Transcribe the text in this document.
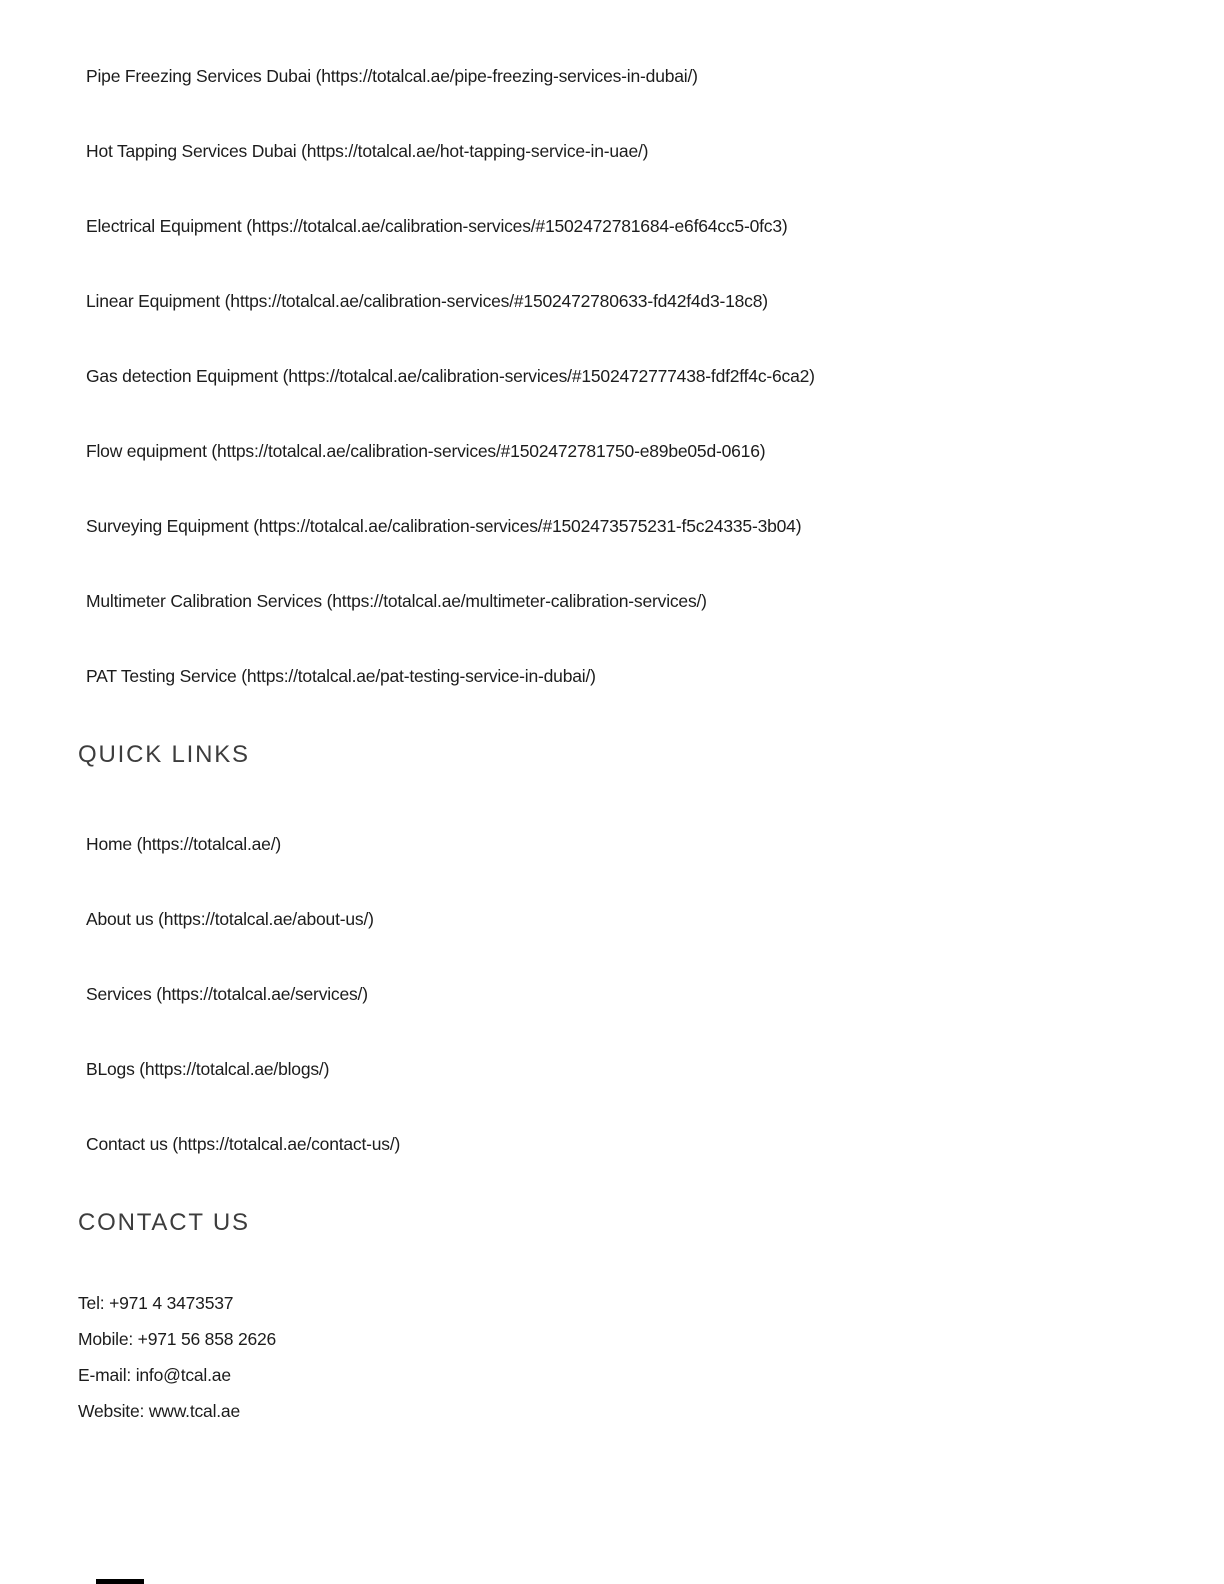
Pipe Freezing Services Dubai (https://totalcal.ae/pipe-freezing-services-in-dubai/)
Hot Tapping Services Dubai (https://totalcal.ae/hot-tapping-service-in-uae/)
Electrical Equipment (https://totalcal.ae/calibration-services/#1502472781684-e6f64cc5-0fc3)
Linear Equipment (https://totalcal.ae/calibration-services/#1502472780633-fd42f4d3-18c8)
Gas detection Equipment (https://totalcal.ae/calibration-services/#1502472777438-fdf2ff4c-6ca2)
Flow equipment (https://totalcal.ae/calibration-services/#1502472781750-e89be05d-0616)
Surveying Equipment (https://totalcal.ae/calibration-services/#1502473575231-f5c24335-3b04)
Multimeter Calibration Services (https://totalcal.ae/multimeter-calibration-services/)
PAT Testing Service (https://totalcal.ae/pat-testing-service-in-dubai/)
QUICK LINKS
Home (https://totalcal.ae/)
About us (https://totalcal.ae/about-us/)
Services (https://totalcal.ae/services/)
BLogs (https://totalcal.ae/blogs/)
Contact us (https://totalcal.ae/contact-us/)
CONTACT US
Tel: +971 4 3473537
Mobile: +971 56 858 2626
E-mail: info@tcal.ae
Website: www.tcal.ae
